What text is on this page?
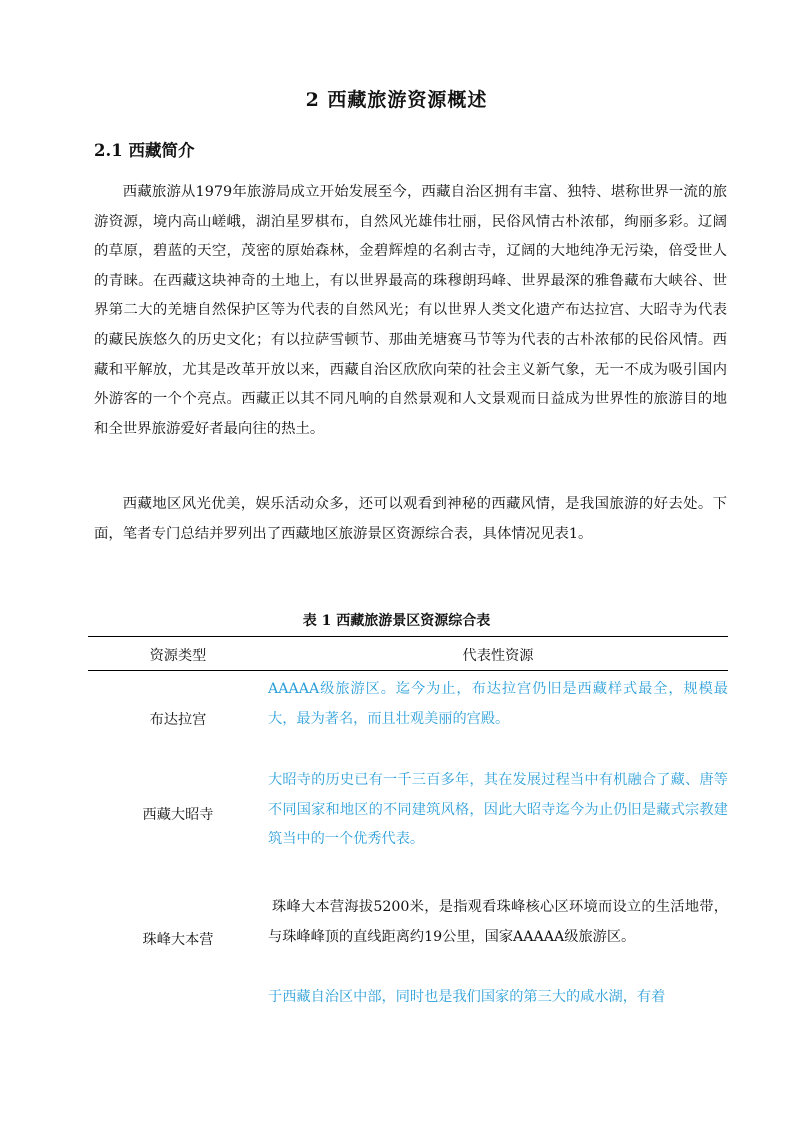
2 西藏旅游资源概述
2.1 西藏简介

西藏旅游从1979年旅游局成立开始发展至今，西藏自治区拥有丰富、独特、堪称世界一流的旅游资源，境内高山嵯峨，湖泊星罗棋布，自然风光雄伟壮丽，民俗风情古朴浓郁，绚丽多彩。辽阔的草原，碧蓝的天空，茂密的原始森林，金碧辉煌的名刹古寺，辽阔的大地纯净无污染，倍受世人的青睐。在西藏这块神奇的土地上，有以世界最高的珠穆朗玛峰、世界最深的雅鲁藏布大峡谷、世界第二大的羌塘自然保护区等为代表的自然风光；有以世界人类文化遗产布达拉宫、大昭寺为代表的藏民族悠久的历史文化；有以拉萨雪顿节、那曲羌塘赛马节等为代表的古朴浓郁的民俗风情。西藏和平解放，尤其是改革开放以来，西藏自治区欣欣向荣的社会主义新气象，无一不成为吸引国内外游客的一个个亮点。西藏正以其不同凡响的自然景观和人文景观而日益成为世界性的旅游目的地和全世界旅游爱好者最向往的热土。

西藏地区风光优美，娱乐活动众多，还可以观看到神秘的西藏风情，是我国旅游的好去处。下面，笔者专门总结并罗列出了西藏地区旅游景区资源综合表，具体情况见表1。

表 1 西藏旅游景区资源综合表
资源类型	代表性资源
布达拉宫

AAAAA级旅游区。迄今为止，布达拉宫仍旧是西藏样式最全，规模最大，最为著名，而且壮观美丽的宫殿。

西藏大昭寺

大昭寺的历史已有一千三百多年，其在发展过程当中有机融合了藏、唐等不同国家和地区的不同建筑风格，因此大昭寺迄今为止仍旧是藏式宗教建筑当中的一个优秀代表。

珠峰大本营

珠峰大本营海拔5200米，是指观看珠峰核心区环境而设立的生活地带，与珠峰峰顶的直线距离约19公里，国家AAAAA级旅游区。

于西藏自治区中部，同时也是我们国家的第三大的咸水湖，有着
